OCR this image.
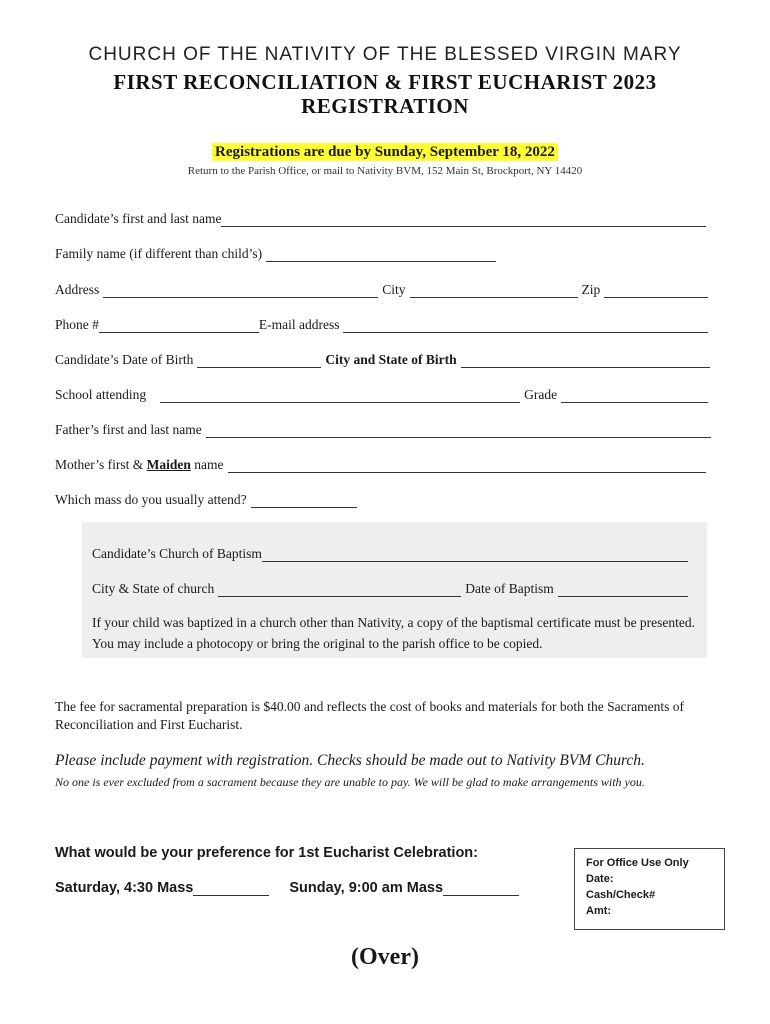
CHURCH OF THE NATIVITY OF THE BLESSED VIRGIN MARY
FIRST RECONCILIATION & FIRST EUCHARIST 2023
REGISTRATION
Registrations are due by Sunday, September 18, 2022
Return to the Parish Office, or mail to Nativity BVM, 152 Main St, Brockport, NY 14420
Candidate’s first and last name
Family name (if different than child’s)
Address	City	Zip
Phone #	E-mail address
Candidate’s Date of Birth	City and State of Birth
School attending	Grade
Father’s first and last name
Mother’s first & Maiden name
Which mass do you usually attend?
Candidate’s Church of Baptism
City & State of church	Date of Baptism
If your child was baptized in a church other than Nativity, a copy of the baptismal certificate must be presented. You may include a photocopy or bring the original to the parish office to be copied.
The fee for sacramental preparation is $40.00 and reflects the cost of books and materials for both the Sacraments of Reconciliation and First Eucharist.
Please include payment with registration. Checks should be made out to Nativity BVM Church.
No one is ever excluded from a sacrament because they are unable to pay. We will be glad to make arrangements with you.
What would be your preference for 1st Eucharist Celebration:
Saturday, 4:30 Mass	Sunday, 9:00 am Mass
For Office Use Only
Date:
Cash/Check#
Amt:
(Over)
